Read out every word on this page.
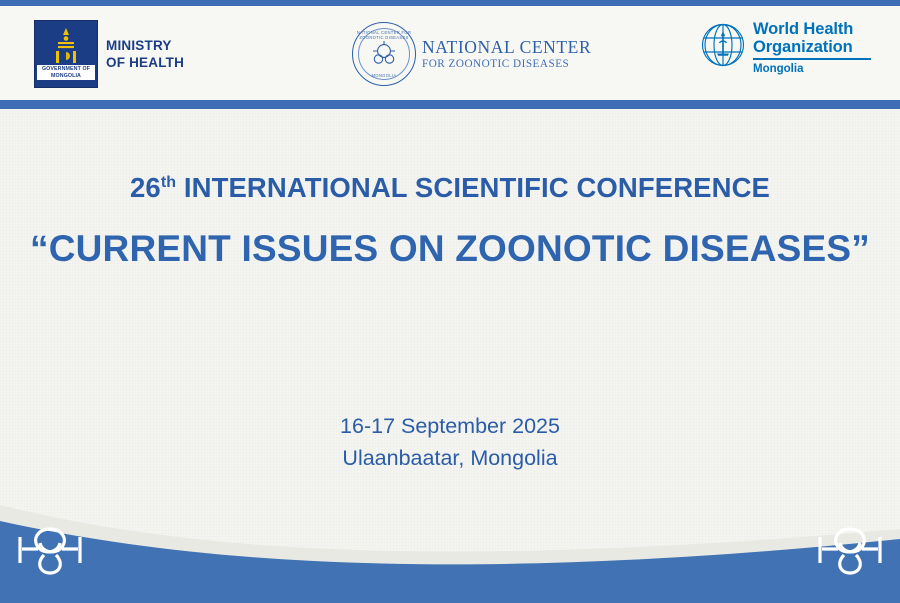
GOVERNMENT OF MONGOLIA
MINISTRY
OF HEALTH
NATIONAL CENTER FOR ZOONOTIC DISEASES
MONGOLIA
NATIONAL CENTER
FOR ZOONOTIC DISEASES
World Health
Organization
Mongolia
26th INTERNATIONAL SCIENTIFIC CONFERENCE
“CURRENT ISSUES ON ZOONOTIC DISEASES”
16-17 September 2025
Ulaanbaatar, Mongolia
